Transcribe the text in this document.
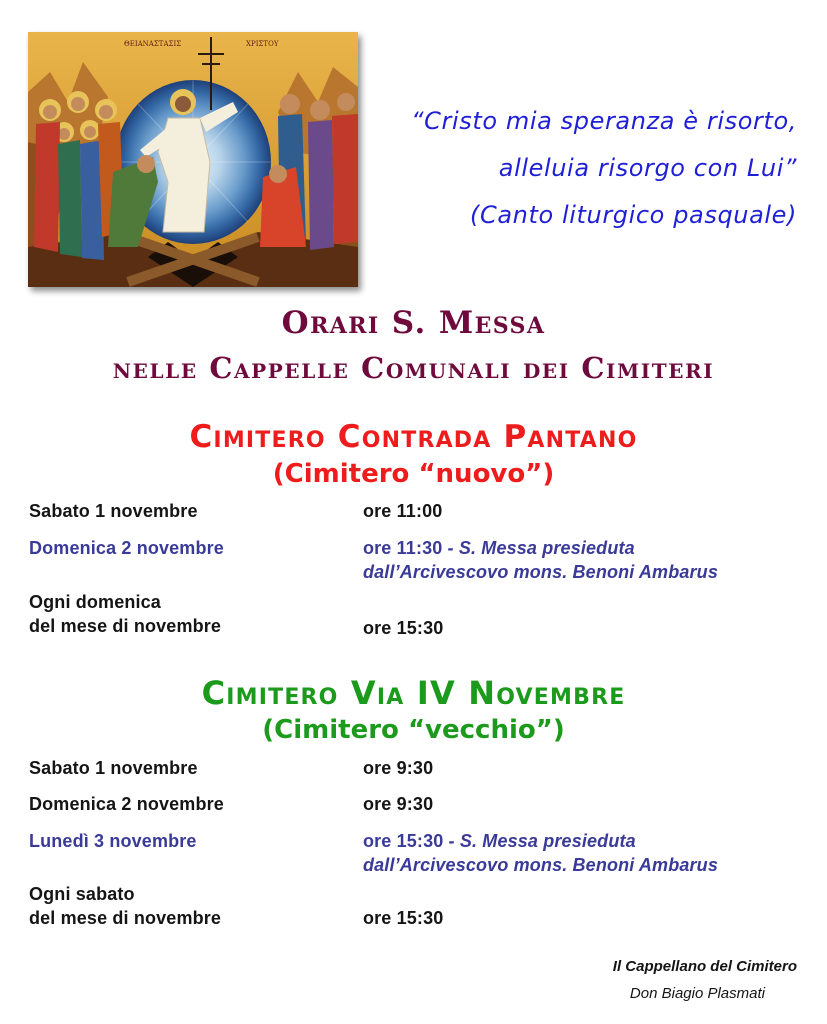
ΘΕΙΑΝΑΣΤΑΣΙΣ	ΧΡΙΣΤΟΥ
“Cristo mia speranza è risorto,
alleluia risorgo con Lui”
(Canto liturgico pasquale)
Orari S. Messa
nelle Cappelle Comunali dei Cimiteri
Cimitero Contrada Pantano
(Cimitero “nuovo”)
Sabato 1 novembre	ore 11:00
Domenica 2 novembre	ore 11:30 - S. Messa presieduta
dall’Arcivescovo mons. Benoni Ambarus
Ogni domenica
del mese di novembre	ore 15:30
Cimitero Via IV Novembre
(Cimitero “vecchio”)
Sabato 1 novembre	ore 9:30
Domenica 2 novembre	ore 9:30
Lunedì 3 novembre	ore 15:30 - S. Messa presieduta
dall’Arcivescovo mons. Benoni Ambarus
Ogni sabato
del mese di novembre	ore 15:30
Il Cappellano del Cimitero
Don Biagio Plasmati
